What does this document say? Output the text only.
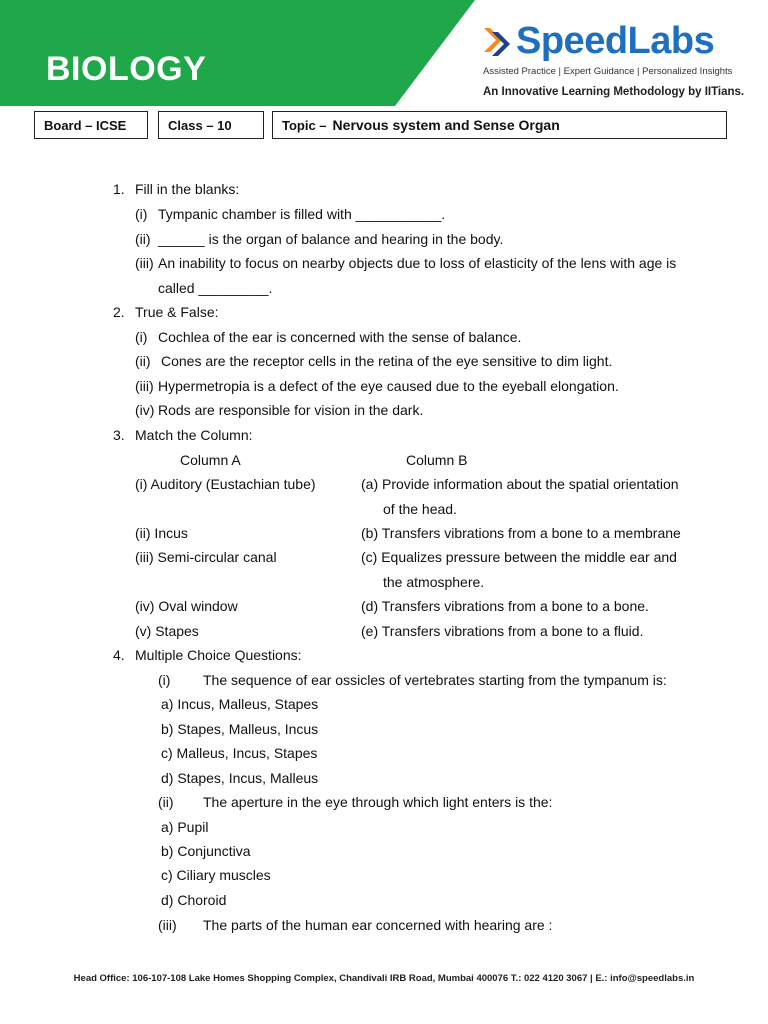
BIOLOGY
SpeedLabs
Assisted Practice | Expert Guidance | Personalized Insights
An Innovative Learning Methodology by IITians.
Board – ICSE	Class – 10	Topic – Nervous system and Sense Organ
1. Fill in the blanks:
(i) Tympanic chamber is filled with ___________.
(ii) ______ is the organ of balance and hearing in the body.
(iii) An inability to focus on nearby objects due to loss of elasticity of the lens with age is
called _________.
2. True & False:
(i) Cochlea of the ear is concerned with the sense of balance.
(ii) Cones are the receptor cells in the retina of the eye sensitive to dim light.
(iii) Hypermetropia is a defect of the eye caused due to the eyeball elongation.
(iv) Rods are responsible for vision in the dark.
3. Match the Column:
Column A	Column B
(i) Auditory (Eustachian tube)	(a) Provide information about the spatial orientation
of the head.
(ii) Incus	(b) Transfers vibrations from a bone to a membrane
(iii) Semi-circular canal	(c) Equalizes pressure between the middle ear and
the atmosphere.
(iv) Oval window	(d) Transfers vibrations from a bone to a bone.
(v) Stapes	(e) Transfers vibrations from a bone to a fluid.
4. Multiple Choice Questions:
(i) The sequence of ear ossicles of vertebrates starting from the tympanum is:
a) Incus, Malleus, Stapes
b) Stapes, Malleus, Incus
c) Malleus, Incus, Stapes
d) Stapes, Incus, Malleus
(ii) The aperture in the eye through which light enters is the:
a) Pupil
b) Conjunctiva
c) Ciliary muscles
d) Choroid
(iii) The parts of the human ear concerned with hearing are :
Head Office: 106-107-108 Lake Homes Shopping Complex, Chandivali IRB Road, Mumbai 400076 T.: 022 4120 3067 | E.: info@speedlabs.in
